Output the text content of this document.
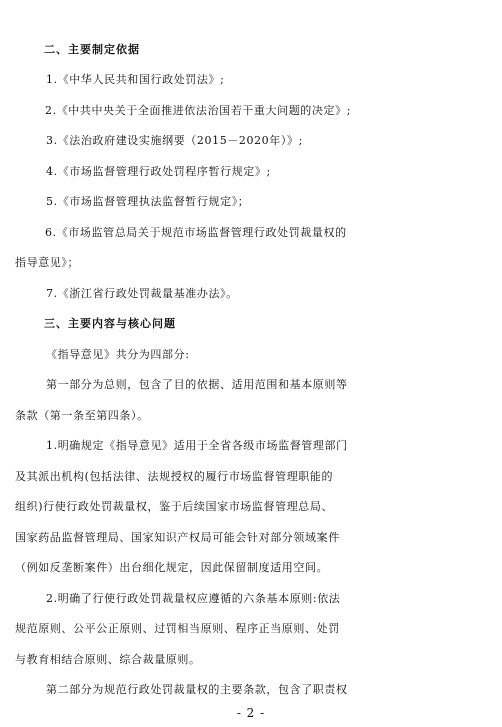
二、主要制定依据
1.《中华人民共和国行政处罚法》;
2.《中共中央关于全面推进依法治国若干重大问题的决定》;
3.《法治政府建设实施纲要（2015－2020年）》;
4.《市场监督管理行政处罚程序暂行规定》;
5.《市场监督管理执法监督暂行规定》；
6.《市场监管总局关于规范市场监督管理行政处罚裁量权的
指导意见》；
7.《浙江省行政处罚裁量基准办法》。
三、主要内容与核心问题
《指导意见》共分为四部分:
第一部分为总则，包含了目的依据、适用范围和基本原则等
条款（第一条至第四条）。
1.明确规定《指导意见》适用于全省各级市场监督管理部门
及其派出机构(包括法律、法规授权的履行市场监督管理职能的
组织)行使行政处罚裁量权，鉴于后续国家市场监督管理总局、
国家药品监督管理局、国家知识产权局可能会针对部分领域案件
（例如反垄断案件）出台细化规定，因此保留制度适用空间。
2.明确了行使行政处罚裁量权应遵循的六条基本原则:依法
规范原则、公平公正原则、过罚相当原则、程序正当原则、处罚
与教育相结合原则、综合裁量原则。
第二部分为规范行政处罚裁量权的主要条款，包含了职责权
- 2 -
